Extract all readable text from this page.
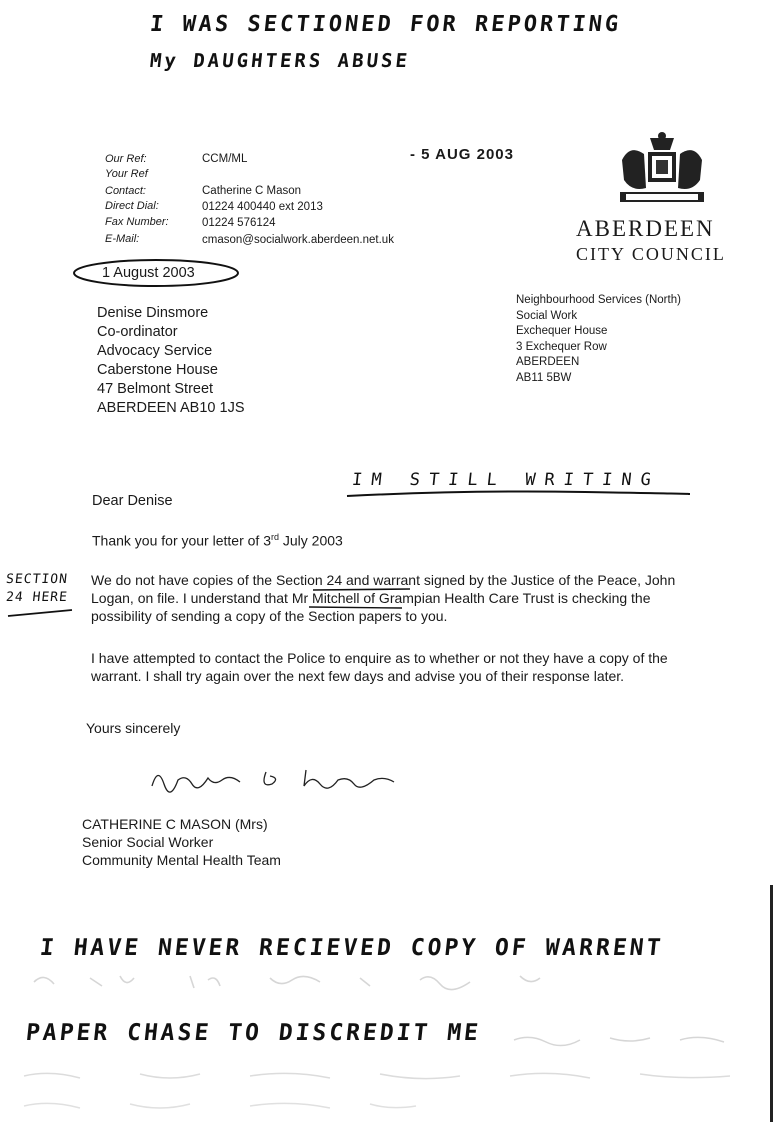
I WAS SECTIONED FOR REPORTING
My DAUGHTERS ABUSE
- 5 AUG 2003
ABERDEEN
CITY COUNCIL
Our Ref:
Your Ref
Contact:
Direct Dial:
Fax Number:
E-Mail:
CCM/ML
Catherine C Mason
01224 400440 ext 2013
01224 576124
cmason@socialwork.aberdeen.net.uk
1 August 2003
Denise Dinsmore
Co-ordinator
Advocacy Service
Caberstone House
47 Belmont Street
ABERDEEN AB10 1JS
Neighbourhood Services (North)
Social Work
Exchequer House
3 Exchequer Row
ABERDEEN
AB11 5BW
IM STILL WRITING
Dear Denise
Thank you for your letter of 3rd July 2003
SECTION
24 HERE
We do not have copies of the Section 24 and warrant signed by the Justice of the Peace, John Logan, on file. I understand that Mr Mitchell of Grampian Health Care Trust is checking the possibility of sending a copy of the Section papers to you.
I have attempted to contact the Police to enquire as to whether or not they have a copy of the warrant. I shall try again over the next few days and advise you of their response later.
Yours sincerely
CATHERINE C MASON (Mrs)
Senior Social Worker
Community Mental Health Team
I HAVE NEVER RECIEVED COPY OF WARRENT
PAPER CHASE TO DISCREDIT ME
